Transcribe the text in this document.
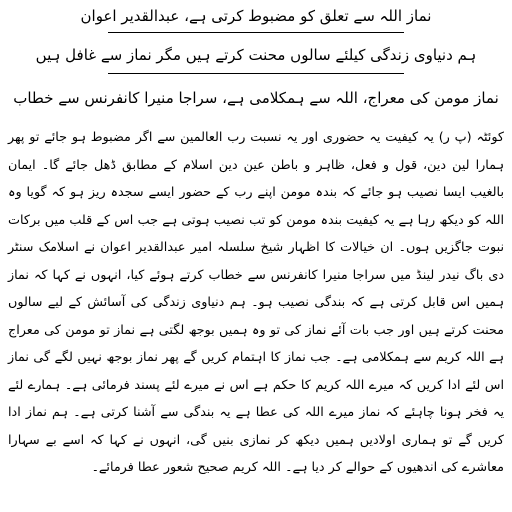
نماز اللہ سے تعلق کو مضبوط کرتی ہے، عبدالقدیر اعوان
ہم دنیاوی زندگی کیلئے سالوں محنت کرتے ہیں مگر نماز سے غافل ہیں
نماز مومن کی معراج، اللہ سے ہمکلامی ہے، سراجا منیرا کانفرنس سے خطاب

کوئٹہ (پ ر) یہ کیفیت یہ حضوری اور یہ نسبت رب العالمین سے اگر مضبوط ہو جائے تو پھر ہمارا لین دین، قول و فعل، ظاہر و باطن عین دین اسلام کے مطابق ڈھل جائے گا۔ ایمان بالغیب ایسا نصیب ہو جائے کہ بندہ مومن اپنے رب کے حضور ایسے سجدہ ریز ہو کہ گویا وہ اللہ کو دیکھ رہا ہے یہ کیفیت بندہ مومن کو تب نصیب ہوتی ہے جب اس کے قلب میں برکات نبوت جاگزیں ہوں۔ ان خیالات کا اظہار شیخ سلسلہ امیر عبدالقدیر اعوان نے اسلامک سنٹر دی باگ نیدر لینڈ میں سراجا منیرا کانفرنس سے خطاب کرتے ہوئے کیا، انہوں نے کہا کہ نماز ہمیں اس قابل کرتی ہے کہ بندگی نصیب ہو۔ ہم دنیاوی زندگی کی آسائش کے لیے سالوں محنت کرتے ہیں اور جب بات آئے نماز کی تو وہ ہمیں بوجھ لگتی ہے نماز تو مومن کی معراج ہے اللہ کریم سے ہمکلامی ہے۔ جب نماز کا اہتمام کریں گے پھر نماز بوجھ نہیں لگے گی نماز اس لئے ادا کریں کہ میرے اللہ کریم کا حکم ہے اس نے میرے لئے پسند فرمائی ہے۔ ہمارے لئے یہ فخر ہونا چاہئے کہ نماز میرے اللہ کی عطا ہے یہ بندگی سے آشنا کرتی ہے۔ ہم نماز ادا کریں گے تو ہماری اولادیں ہمیں دیکھ کر نمازی بنیں گی، انہوں نے کہا کہ اسے بے سہارا معاشرے کی اندھیوں کے حوالے کر دیا ہے۔ اللہ کریم صحیح شعور عطا فرمائے۔
